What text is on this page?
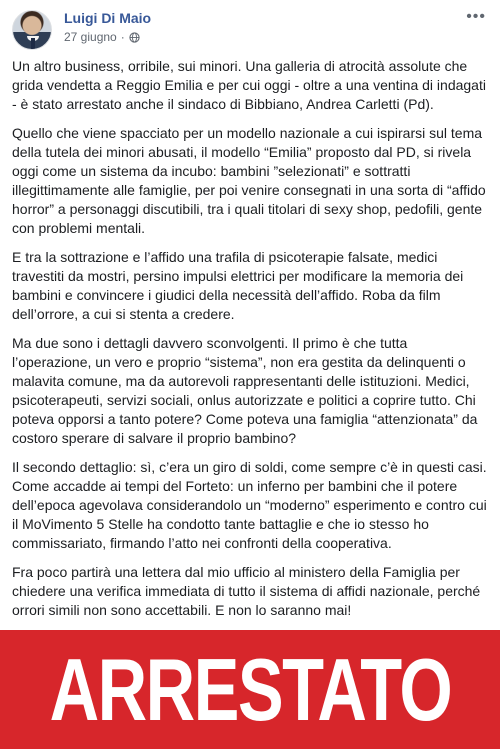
Luigi Di Maio
27 giugno ·
•••

Un altro business, orribile, sui minori. Una galleria di atrocità assolute che grida vendetta a Reggio Emilia e per cui oggi - oltre a una ventina di indagati - è stato arrestato anche il sindaco di Bibbiano, Andrea Carletti (Pd).

Quello che viene spacciato per un modello nazionale a cui ispirarsi sul tema della tutela dei minori abusati, il modello “Emilia” proposto dal PD, si rivela oggi come un sistema da incubo: bambini ”selezionati” e sottratti illegittimamente alle famiglie, per poi venire consegnati in una sorta di “affido horror” a personaggi discutibili, tra i quali titolari di sexy shop, pedofili, gente con problemi mentali.

E tra la sottrazione e l’affido una trafila di psicoterapie falsate, medici travestiti da mostri, persino impulsi elettrici per modificare la memoria dei bambini e convincere i giudici della necessità dell’affido. Roba da film dell’orrore, a cui si stenta a credere.

Ma due sono i dettagli davvero sconvolgenti. Il primo è che tutta l’operazione, un vero e proprio “sistema”, non era gestita da delinquenti o malavita comune, ma da autorevoli rappresentanti delle istituzioni. Medici, psicoterapeuti, servizi sociali, onlus autorizzate e politici a coprire tutto. Chi poteva opporsi a tanto potere? Come poteva una famiglia “attenzionata” da costoro sperare di salvare il proprio bambino?

Il secondo dettaglio: sì, c’era un giro di soldi, come sempre c’è in questi casi. Come accadde ai tempi del Forteto: un inferno per bambini che il potere dell’epoca agevolava considerandolo un “moderno” esperimento e contro cui il MoVimento 5 Stelle ha condotto tante battaglie e che io stesso ho commissariato, firmando l’atto nei confronti della cooperativa.

Fra poco partirà una lettera dal mio ufficio al ministero della Famiglia per chiedere una verifica immediata di tutto il sistema di affidi nazionale, perché orrori simili non sono accettabili. E non lo saranno mai!

ARRESTATO
